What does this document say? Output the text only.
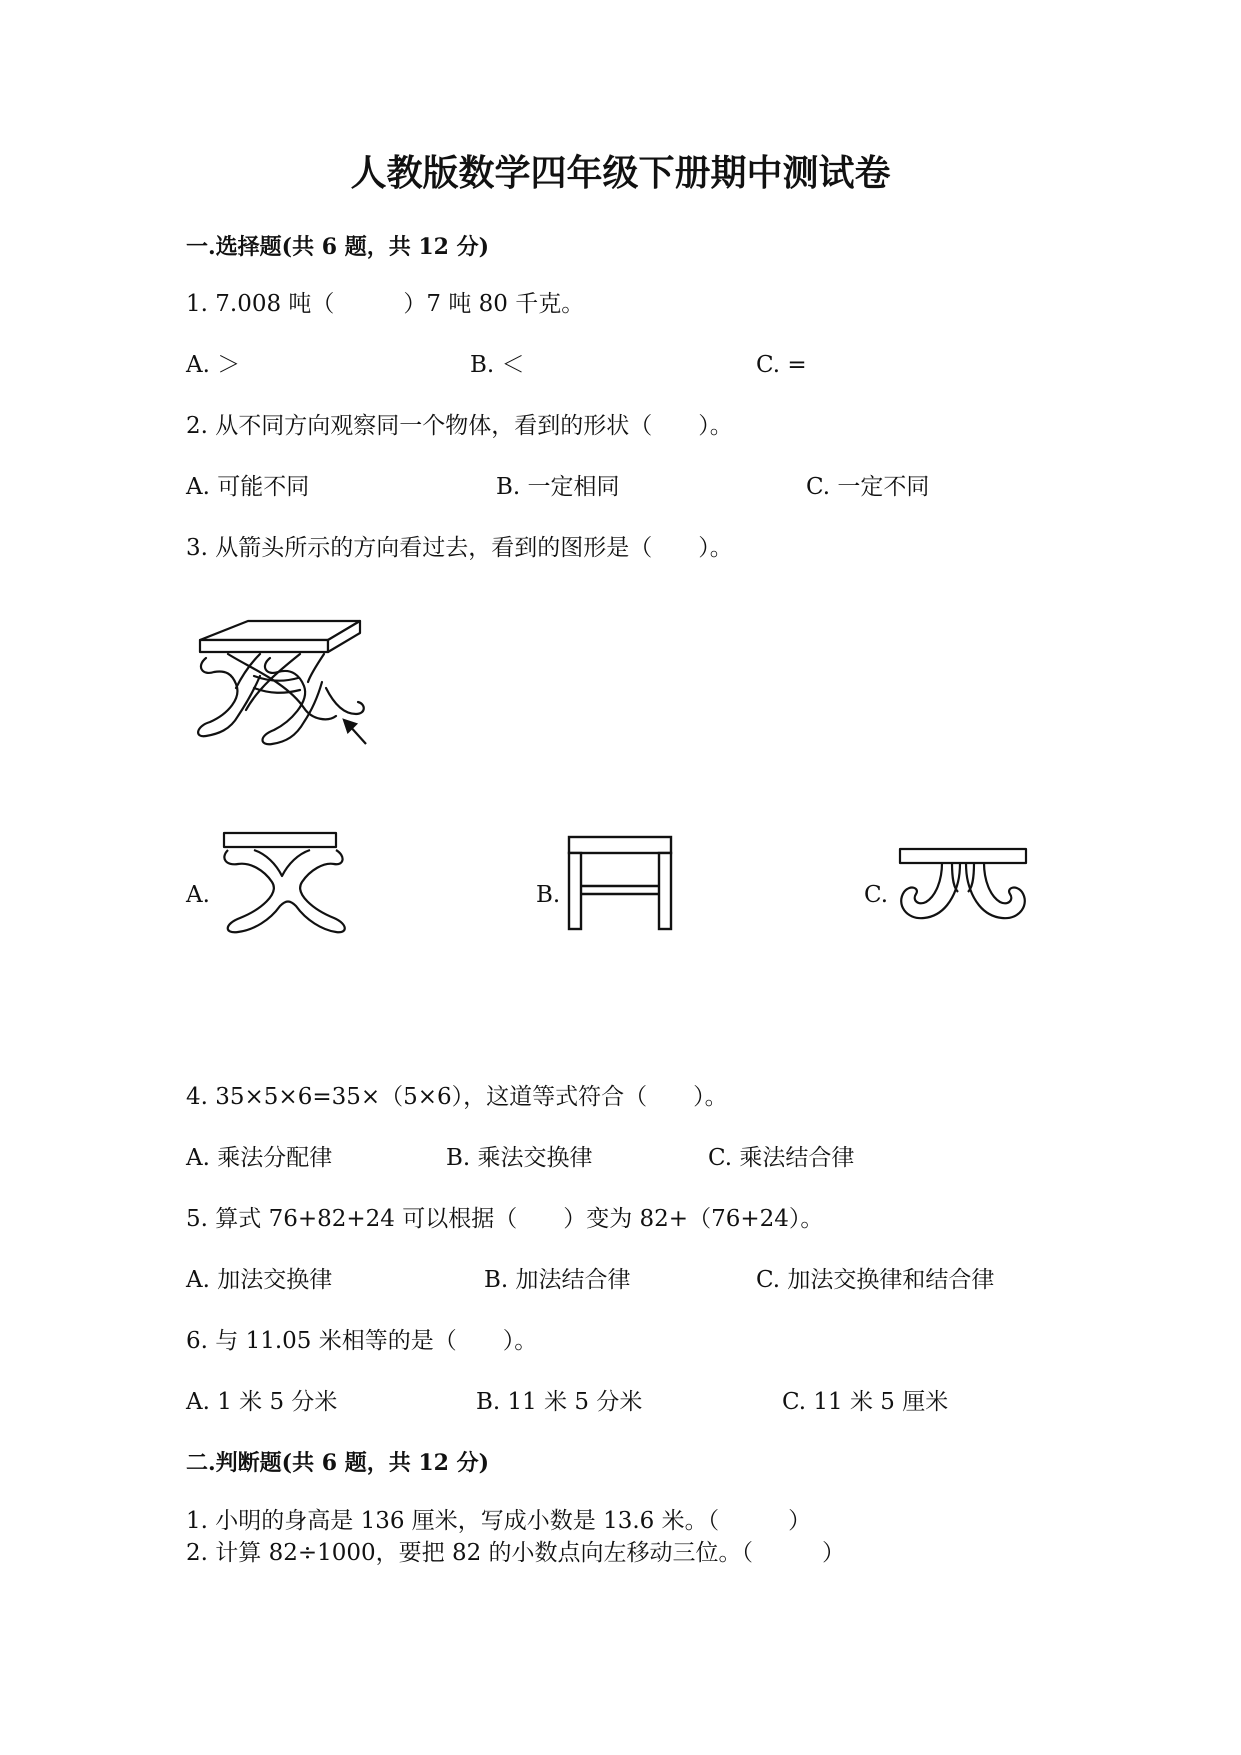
人教版数学四年级下册期中测试卷
一.选择题(共 6 题，共 12 分)
1. 7.008 吨（　　　）7 吨 80 千克。
A. ＞	B. ＜	C. =
2. 从不同方向观察同一个物体，看到的形状（　　）。
A. 可能不同	B. 一定相同	C. 一定不同
3. 从箭头所示的方向看过去，看到的图形是（　　）。
A.	B.	C.
4. 35×5×6=35×（5×6），这道等式符合（　　）。
A. 乘法分配律	B. 乘法交换律	C. 乘法结合律
5. 算式 76+82+24 可以根据（　　）变为 82+（76+24）。
A. 加法交换律	B. 加法结合律	C. 加法交换律和结合律
6. 与 11.05 米相等的是（　　）。
A. 1 米 5 分米	B. 11 米 5 分米	C. 11 米 5 厘米
二.判断题(共 6 题，共 12 分)
1. 小明的身高是 136 厘米，写成小数是 13.6 米。（　　　）
2. 计算 82÷1000，要把 82 的小数点向左移动三位。（　　　）
